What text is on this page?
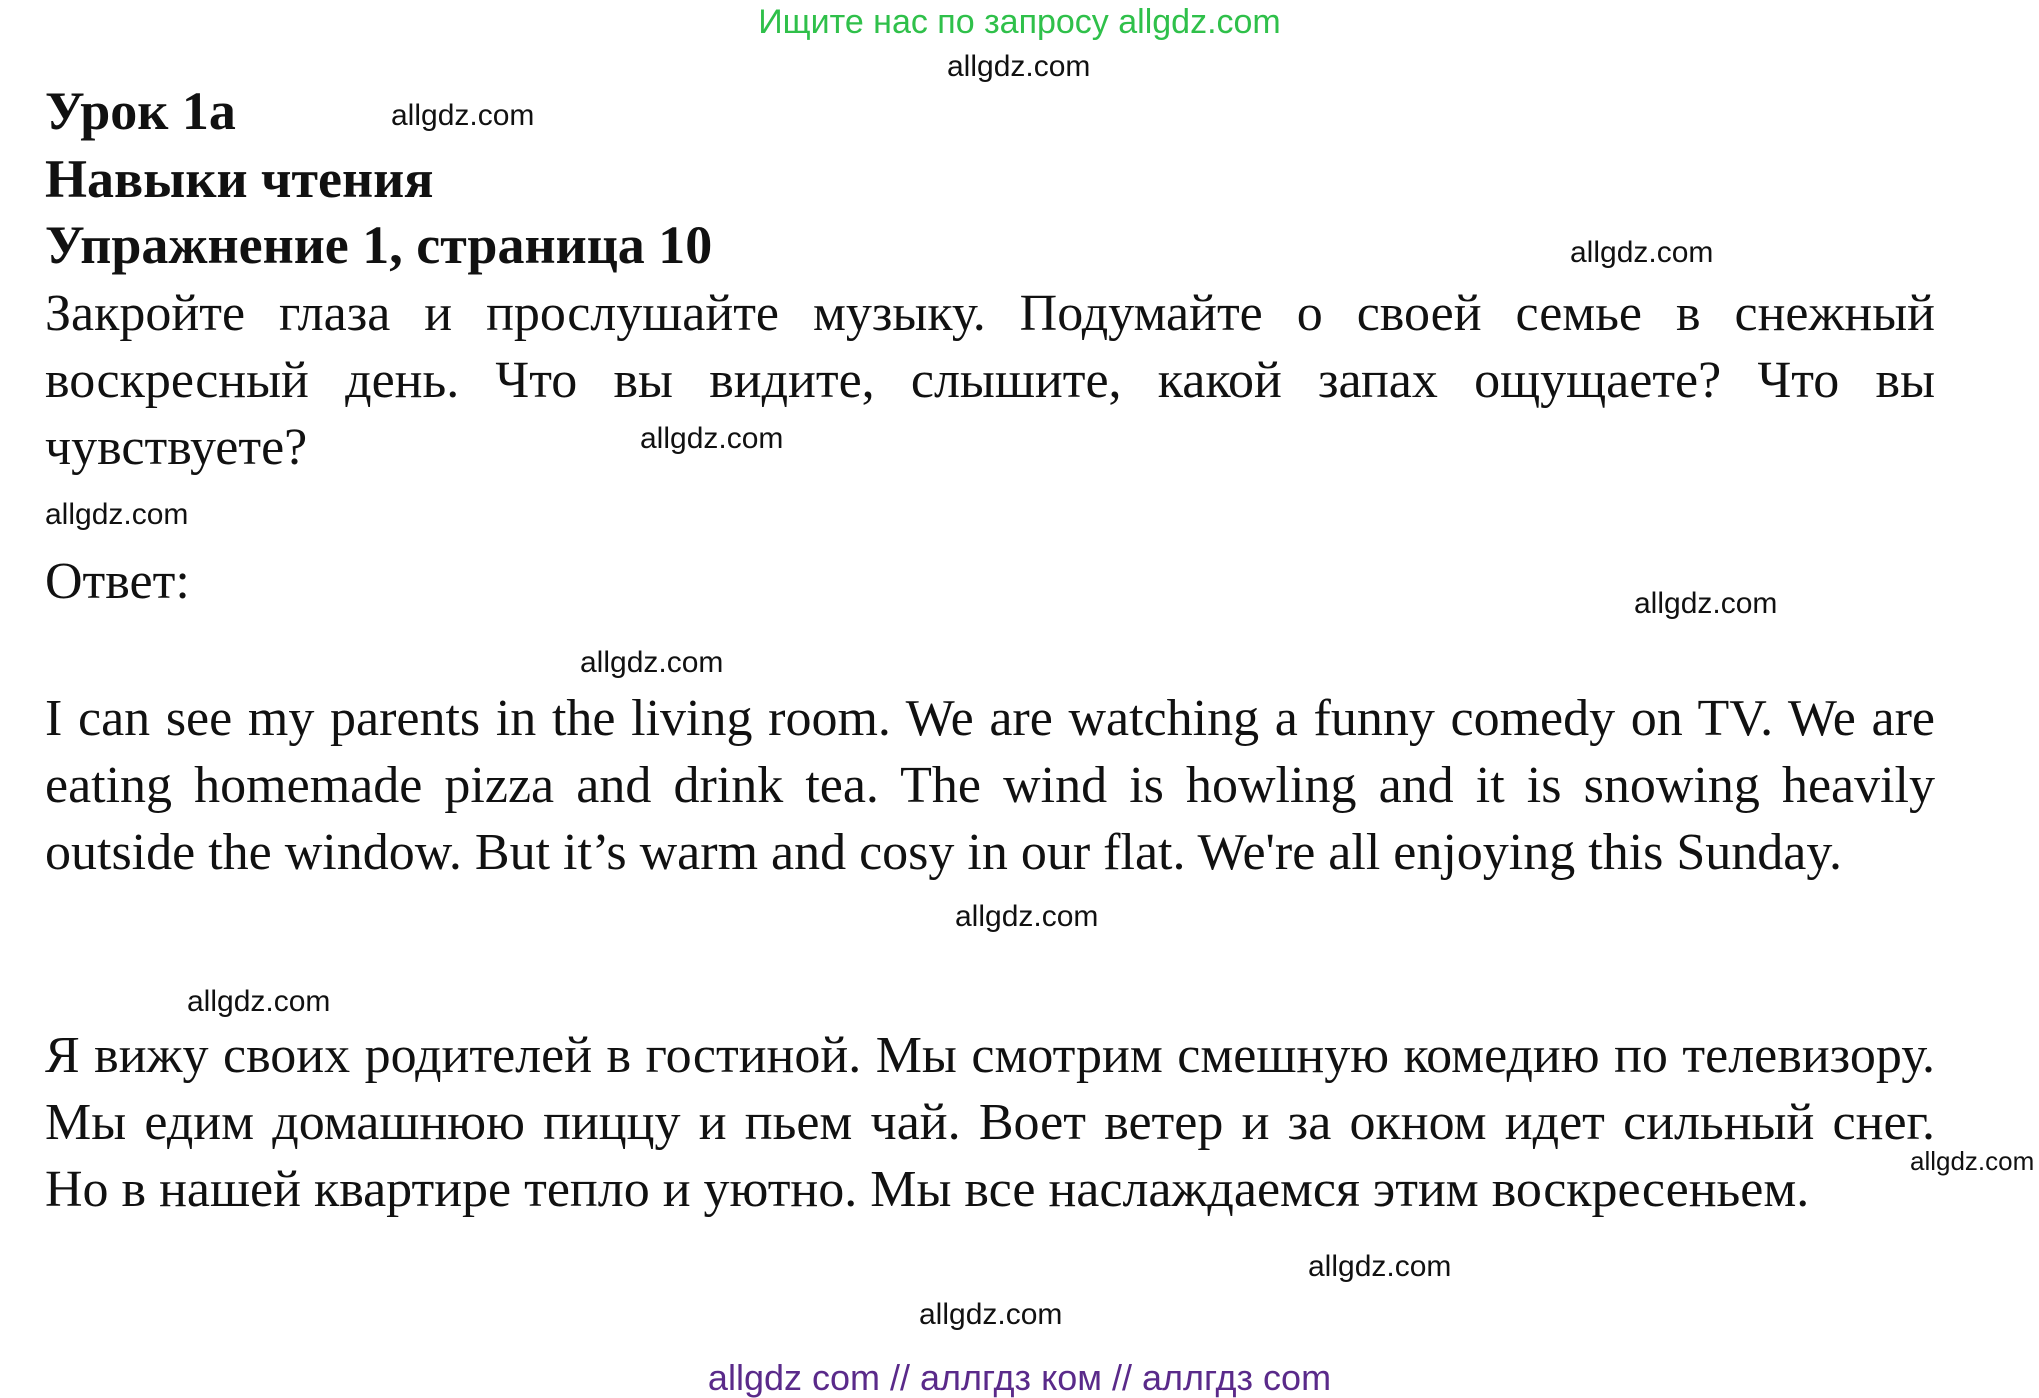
Ищите нас по запросу allgdz.com
allgdz.com
Урок 1a	allgdz.com
Навыки чтения
Упражнение 1, страница 10	allgdz.com

Закройте глаза и прослушайте музыку. Подумайте о своей семье в снежный воскресный день. Что вы видите, слышите, какой запах ощущаете? Что вы чувствуете?	allgdz.com
allgdz.com
Ответ:	allgdz.com
allgdz.com

I can see my parents in the living room. We are watching a funny comedy on TV. We are eating homemade pizza and drink tea. The wind is howling and it is snowing heavily outside the window. But it’s warm and cosy in our flat. We're all enjoying this Sunday.

allgdz.com
allgdz.com

Я вижу своих родителей в гостиной. Мы смотрим смешную комедию по телевизору. Мы едим домашнюю пиццу и пьем чай. Воет ветер и за окном идет сильный снег. Но в нашей квартире тепло и уютно. Мы все наслаждаемся этим воскресеньем.	allgdz.com
allgdz.com
allgdz.com
allgdz com // аллгдз ком // аллгдз com
